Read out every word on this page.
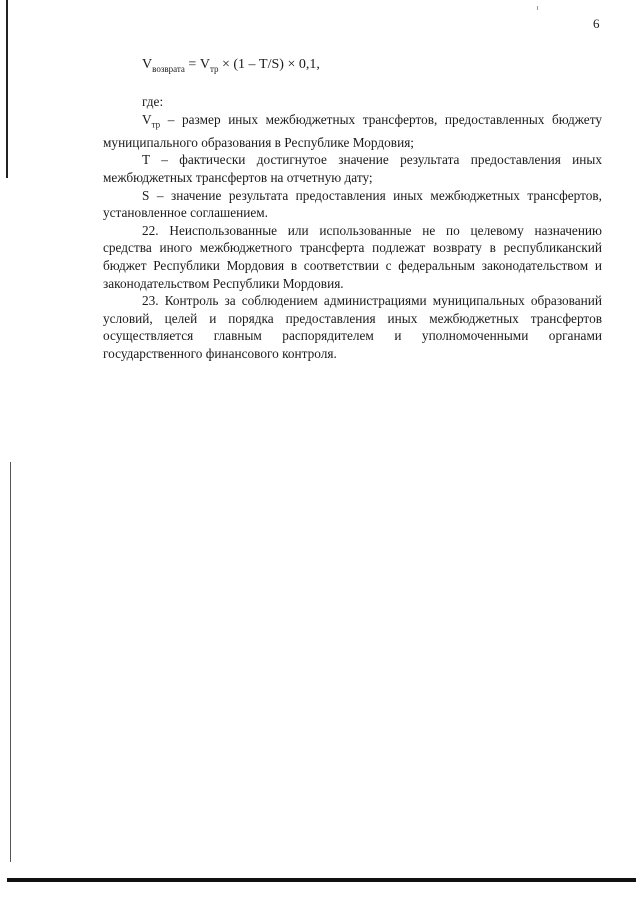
6
$V_{возврата} = V_{тр} \times (1 - T/S) \times 0,1$,

где:

$V_{тр}$ – размер иных межбюджетных трансфертов, предоставленных бюджету муниципального образования в Республике Мордовия;

T – фактически достигнутое значение результата предоставления иных межбюджетных трансфертов на отчетную дату;

S – значение результата предоставления иных межбюджетных трансфертов, установленное соглашением.

22. Неиспользованные или использованные не по целевому назначению средства иного межбюджетного трансферта подлежат возврату в республиканский бюджет Республики Мордовия в соответствии с федеральным законодательством и законодательством Республики Мордовия.

23. Контроль за соблюдением администрациями муниципальных образований условий, целей и порядка предоставления иных межбюджетных трансфертов осуществляется главным распорядителем и уполномоченными органами государственного финансового контроля.
